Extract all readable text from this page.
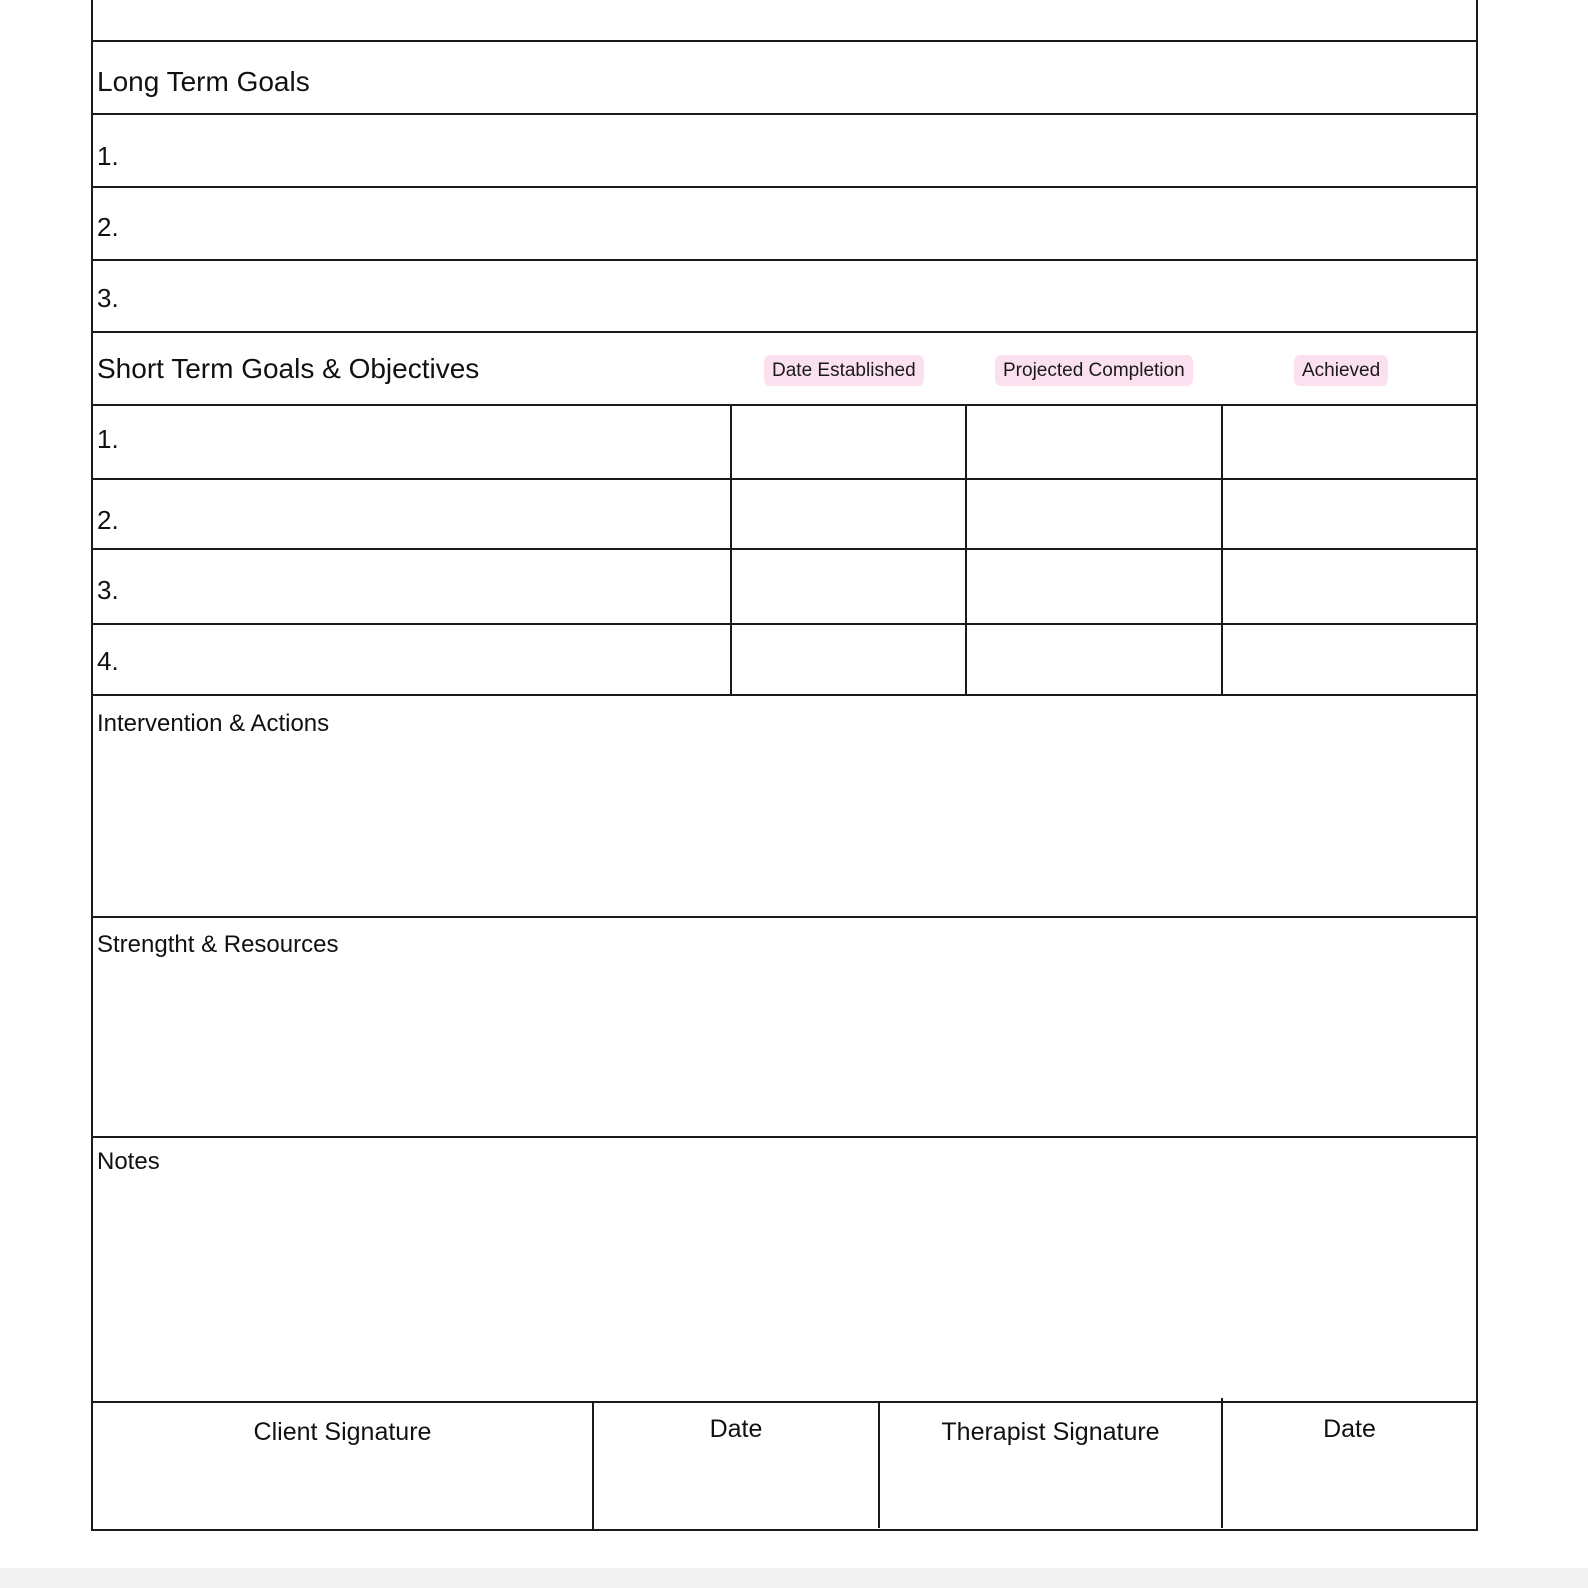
Long Term Goals
1.
2.
3.
Short Term Goals & Objectives	Date Established	Projected Completion	Achieved
1.
2.
3.
4.
Intervention & Actions
Strengtht & Resources
Notes
Client Signature	Date	Therapist Signature	Date
